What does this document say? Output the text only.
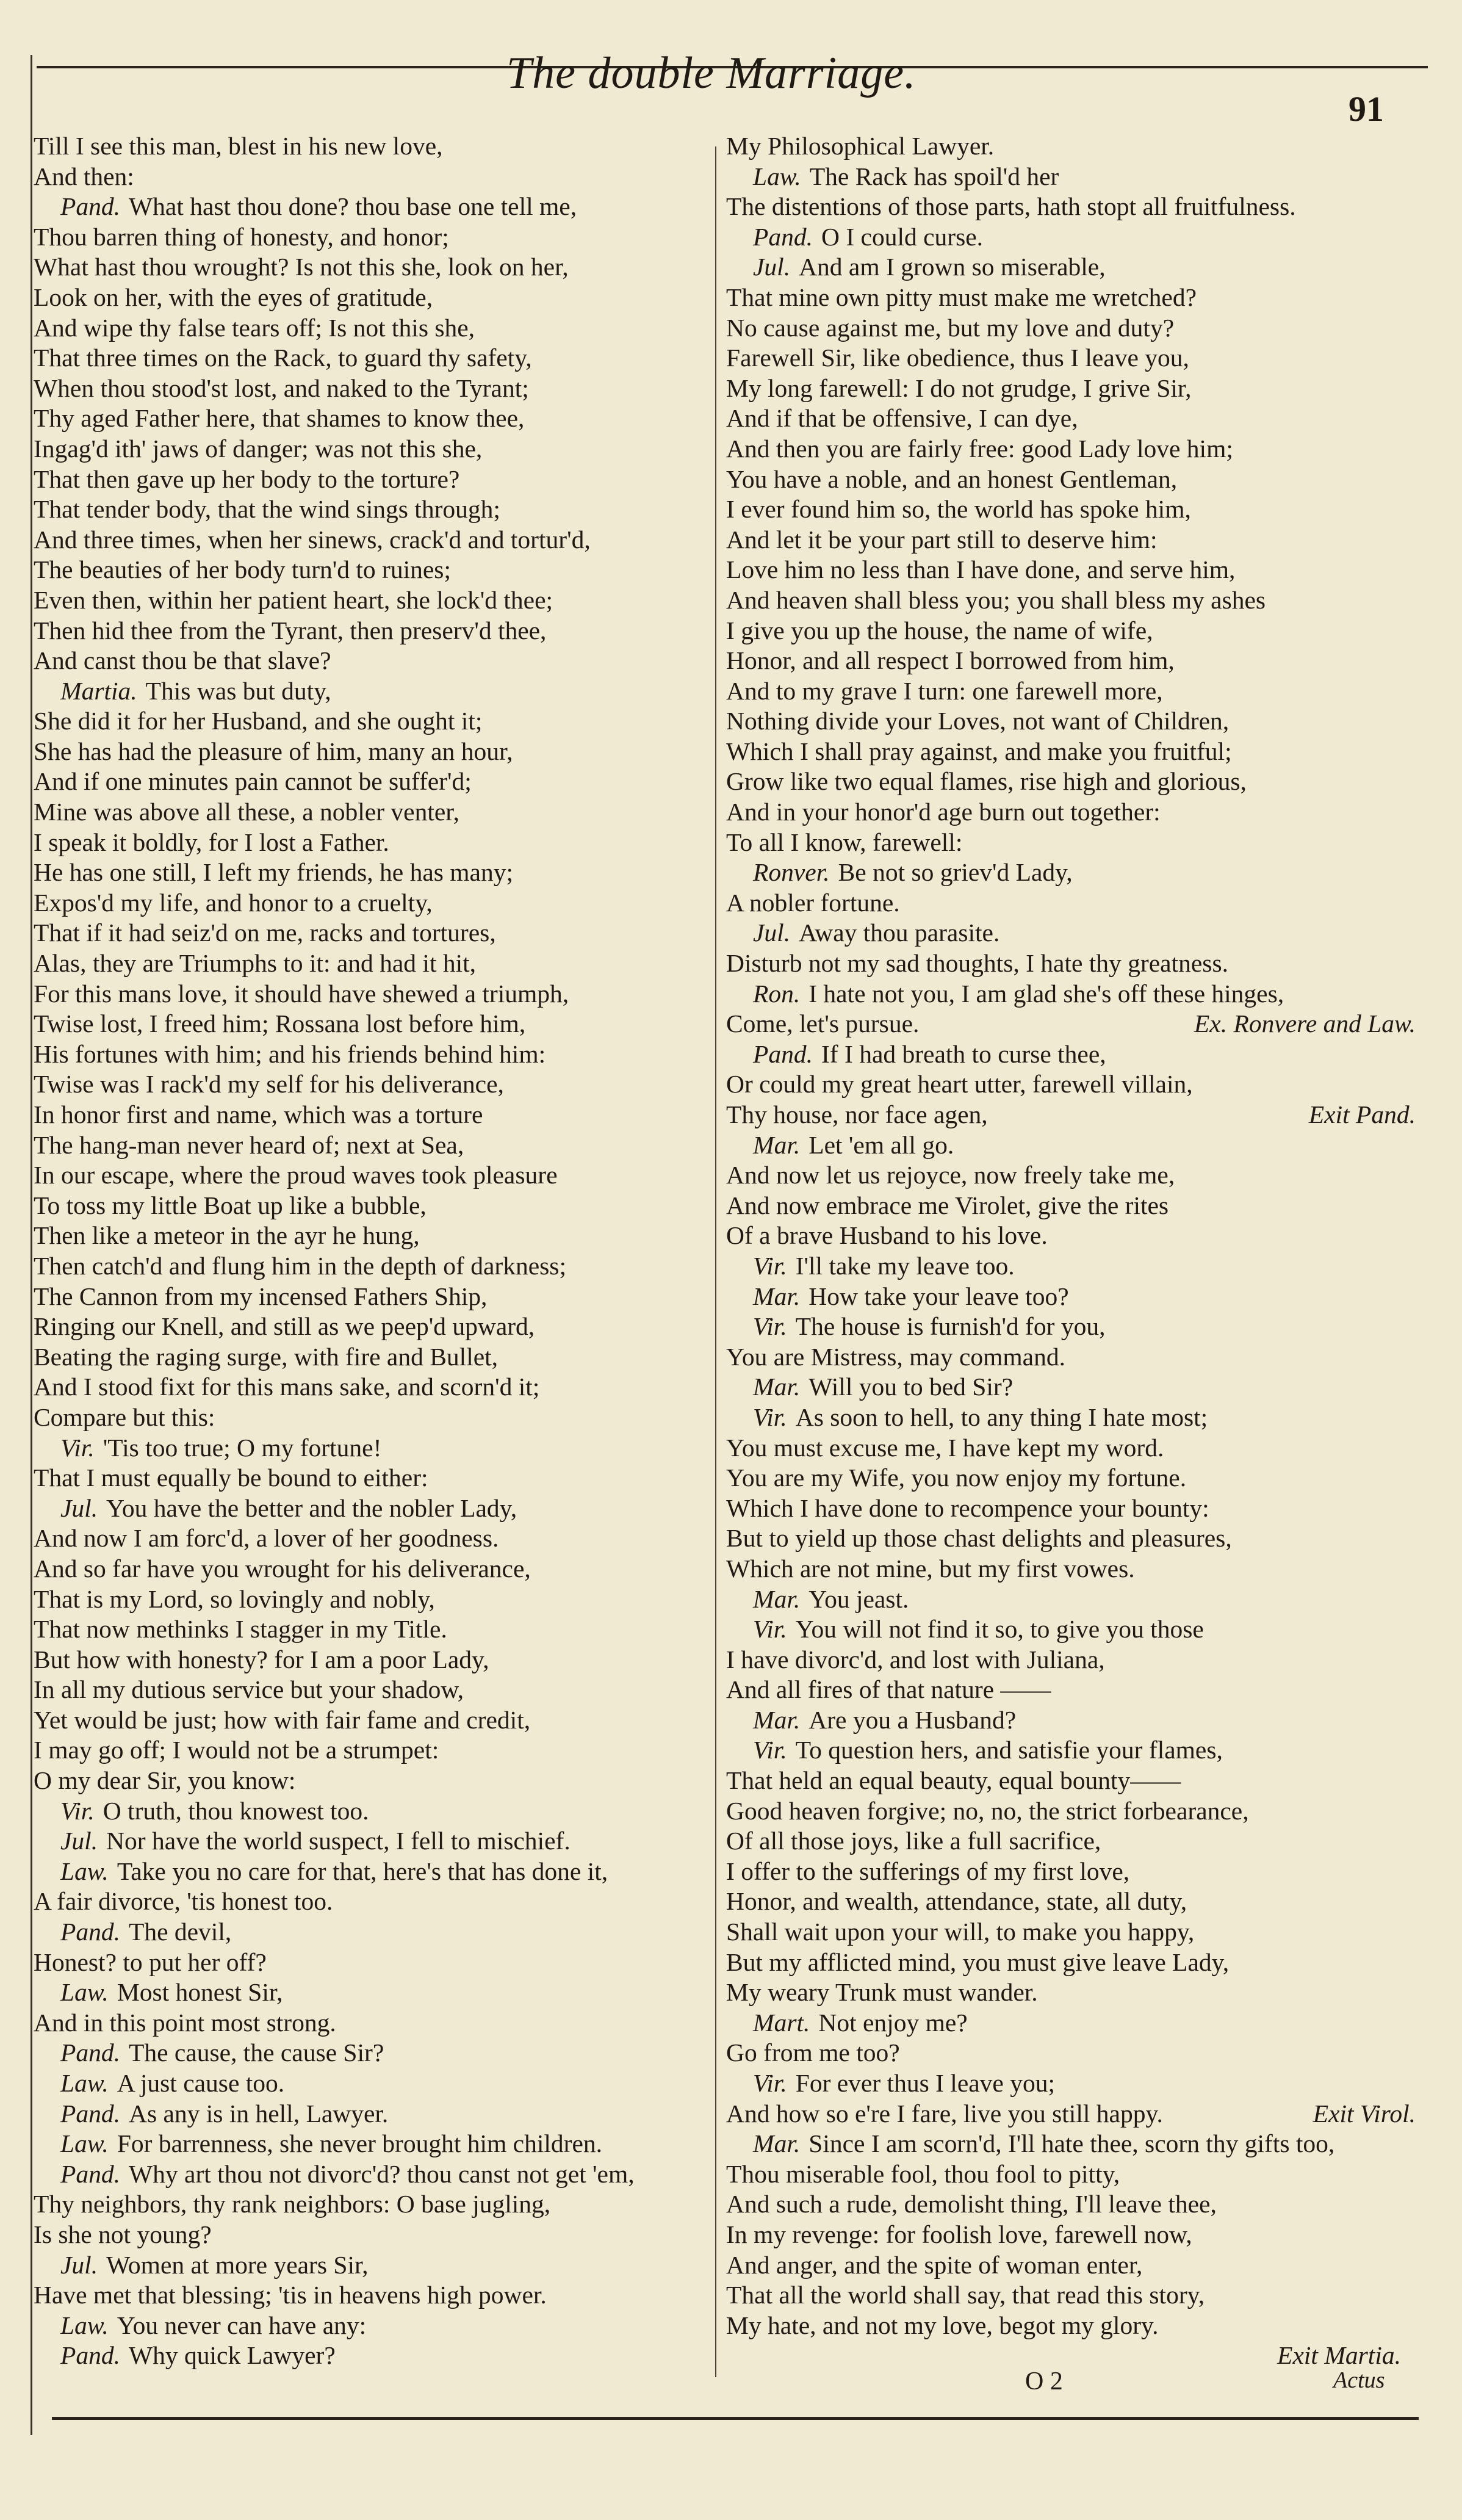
The double Marriage.
91
Till I see this man, blest in his new love,
And then:
Pand. What hast thou done? thou base one tell me,
Thou barren thing of honesty, and honor;
What hast thou wrought? Is not this she, look on her,
Look on her, with the eyes of gratitude,
And wipe thy false tears off; Is not this she,
That three times on the Rack, to guard thy safety,
When thou stood'st lost, and naked to the Tyrant;
Thy aged Father here, that shames to know thee,
Ingag'd ith' jaws of danger; was not this she,
That then gave up her body to the torture?
That tender body, that the wind sings through;
And three times, when her sinews, crack'd and tortur'd,
The beauties of her body turn'd to ruines;
Even then, within her patient heart, she lock'd thee;
Then hid thee from the Tyrant, then preserv'd thee,
And canst thou be that slave?
Martia. This was but duty,
She did it for her Husband, and she ought it;
She has had the pleasure of him, many an hour,
And if one minutes pain cannot be suffer'd;
Mine was above all these, a nobler venter,
I speak it boldly, for I lost a Father.
He has one still, I left my friends, he has many;
Expos'd my life, and honor to a cruelty,
That if it had seiz'd on me, racks and tortures,
Alas, they are Triumphs to it: and had it hit,
For this mans love, it should have shewed a triumph,
Twise lost, I freed him; Rossana lost before him,
His fortunes with him; and his friends behind him:
Twise was I rack'd my self for his deliverance,
In honor first and name, which was a torture
The hang-man never heard of; next at Sea,
In our escape, where the proud waves took pleasure
To toss my little Boat up like a bubble,
Then like a meteor in the ayr he hung,
Then catch'd and flung him in the depth of darkness;
The Cannon from my incensed Fathers Ship,
Ringing our Knell, and still as we peep'd upward,
Beating the raging surge, with fire and Bullet,
And I stood fixt for this mans sake, and scorn'd it;
Compare but this:
Vir. 'Tis too true; O my fortune!
That I must equally be bound to either:
Jul. You have the better and the nobler Lady,
And now I am forc'd, a lover of her goodness.
And so far have you wrought for his deliverance,
That is my Lord, so lovingly and nobly,
That now methinks I stagger in my Title.
But how with honesty? for I am a poor Lady,
In all my dutious service but your shadow,
Yet would be just; how with fair fame and credit,
I may go off; I would not be a strumpet:
O my dear Sir, you know:
Vir. O truth, thou knowest too.
Jul. Nor have the world suspect, I fell to mischief.
Law. Take you no care for that, here's that has done it,
A fair divorce, 'tis honest too.
Pand. The devil,
Honest? to put her off?
Law. Most honest Sir,
And in this point most strong.
Pand. The cause, the cause Sir?
Law. A just cause too.
Pand. As any is in hell, Lawyer.
Law. For barrenness, she never brought him children.
Pand. Why art thou not divorc'd? thou canst not get 'em,
Thy neighbors, thy rank neighbors: O base jugling,
Is she not young?
Jul. Women at more years Sir,
Have met that blessing; 'tis in heavens high power.
Law. You never can have any:
Pand. Why quick Lawyer?
My Philosophical Lawyer.
Law. The Rack has spoil'd her
The distentions of those parts, hath stopt all fruitfulness.
Pand. O I could curse.
Jul. And am I grown so miserable,
That mine own pitty must make me wretched?
No cause against me, but my love and duty?
Farewell Sir, like obedience, thus I leave you,
My long farewell: I do not grudge, I grive Sir,
And if that be offensive, I can dye,
And then you are fairly free: good Lady love him;
You have a noble, and an honest Gentleman,
I ever found him so, the world has spoke him,
And let it be your part still to deserve him:
Love him no less than I have done, and serve him,
And heaven shall bless you; you shall bless my ashes
I give you up the house, the name of wife,
Honor, and all respect I borrowed from him,
And to my grave I turn: one farewell more,
Nothing divide your Loves, not want of Children,
Which I shall pray against, and make you fruitful;
Grow like two equal flames, rise high and glorious,
And in your honor'd age burn out together:
To all I know, farewell:
Ronver. Be not so griev'd Lady,
A nobler fortune.
Jul. Away thou parasite.
Disturb not my sad thoughts, I hate thy greatness.
Ron. I hate not you, I am glad she's off these hinges,
Ex. Ronvere and Law.
Come, let's pursue.
Pand. If I had breath to curse thee,
Or could my great heart utter, farewell villain,
Exit Pand.
Thy house, nor face agen,
Mar. Let 'em all go.
And now let us rejoyce, now freely take me,
And now embrace me Virolet, give the rites
Of a brave Husband to his love.
Vir. I'll take my leave too.
Mar. How take your leave too?
Vir. The house is furnish'd for you,
You are Mistress, may command.
Mar. Will you to bed Sir?
Vir. As soon to hell, to any thing I hate most;
You must excuse me, I have kept my word.
You are my Wife, you now enjoy my fortune.
Which I have done to recompence your bounty:
But to yield up those chast delights and pleasures,
Which are not mine, but my first vowes.
Mar. You jeast.
Vir. You will not find it so, to give you those
I have divorc'd, and lost with Juliana,
And all fires of that nature ——
Mar. Are you a Husband?
Vir. To question hers, and satisfie your flames,
That held an equal beauty, equal bounty——
Good heaven forgive; no, no, the strict forbearance,
Of all those joys, like a full sacrifice,
I offer to the sufferings of my first love,
Honor, and wealth, attendance, state, all duty,
Shall wait upon your will, to make you happy,
But my afflicted mind, you must give leave Lady,
My weary Trunk must wander.
Mart. Not enjoy me?
Go from me too?
Vir. For ever thus I leave you;
Exit Virol.
And how so e're I fare, live you still happy.
Mar. Since I am scorn'd, I'll hate thee, scorn thy gifts too,
Thou miserable fool, thou fool to pitty,
And such a rude, demolisht thing, I'll leave thee,
In my revenge: for foolish love, farewell now,
And anger, and the spite of woman enter,
That all the world shall say, that read this story,
My hate, and not my love, begot my glory.
Exit Martia.
O 2	Actus
